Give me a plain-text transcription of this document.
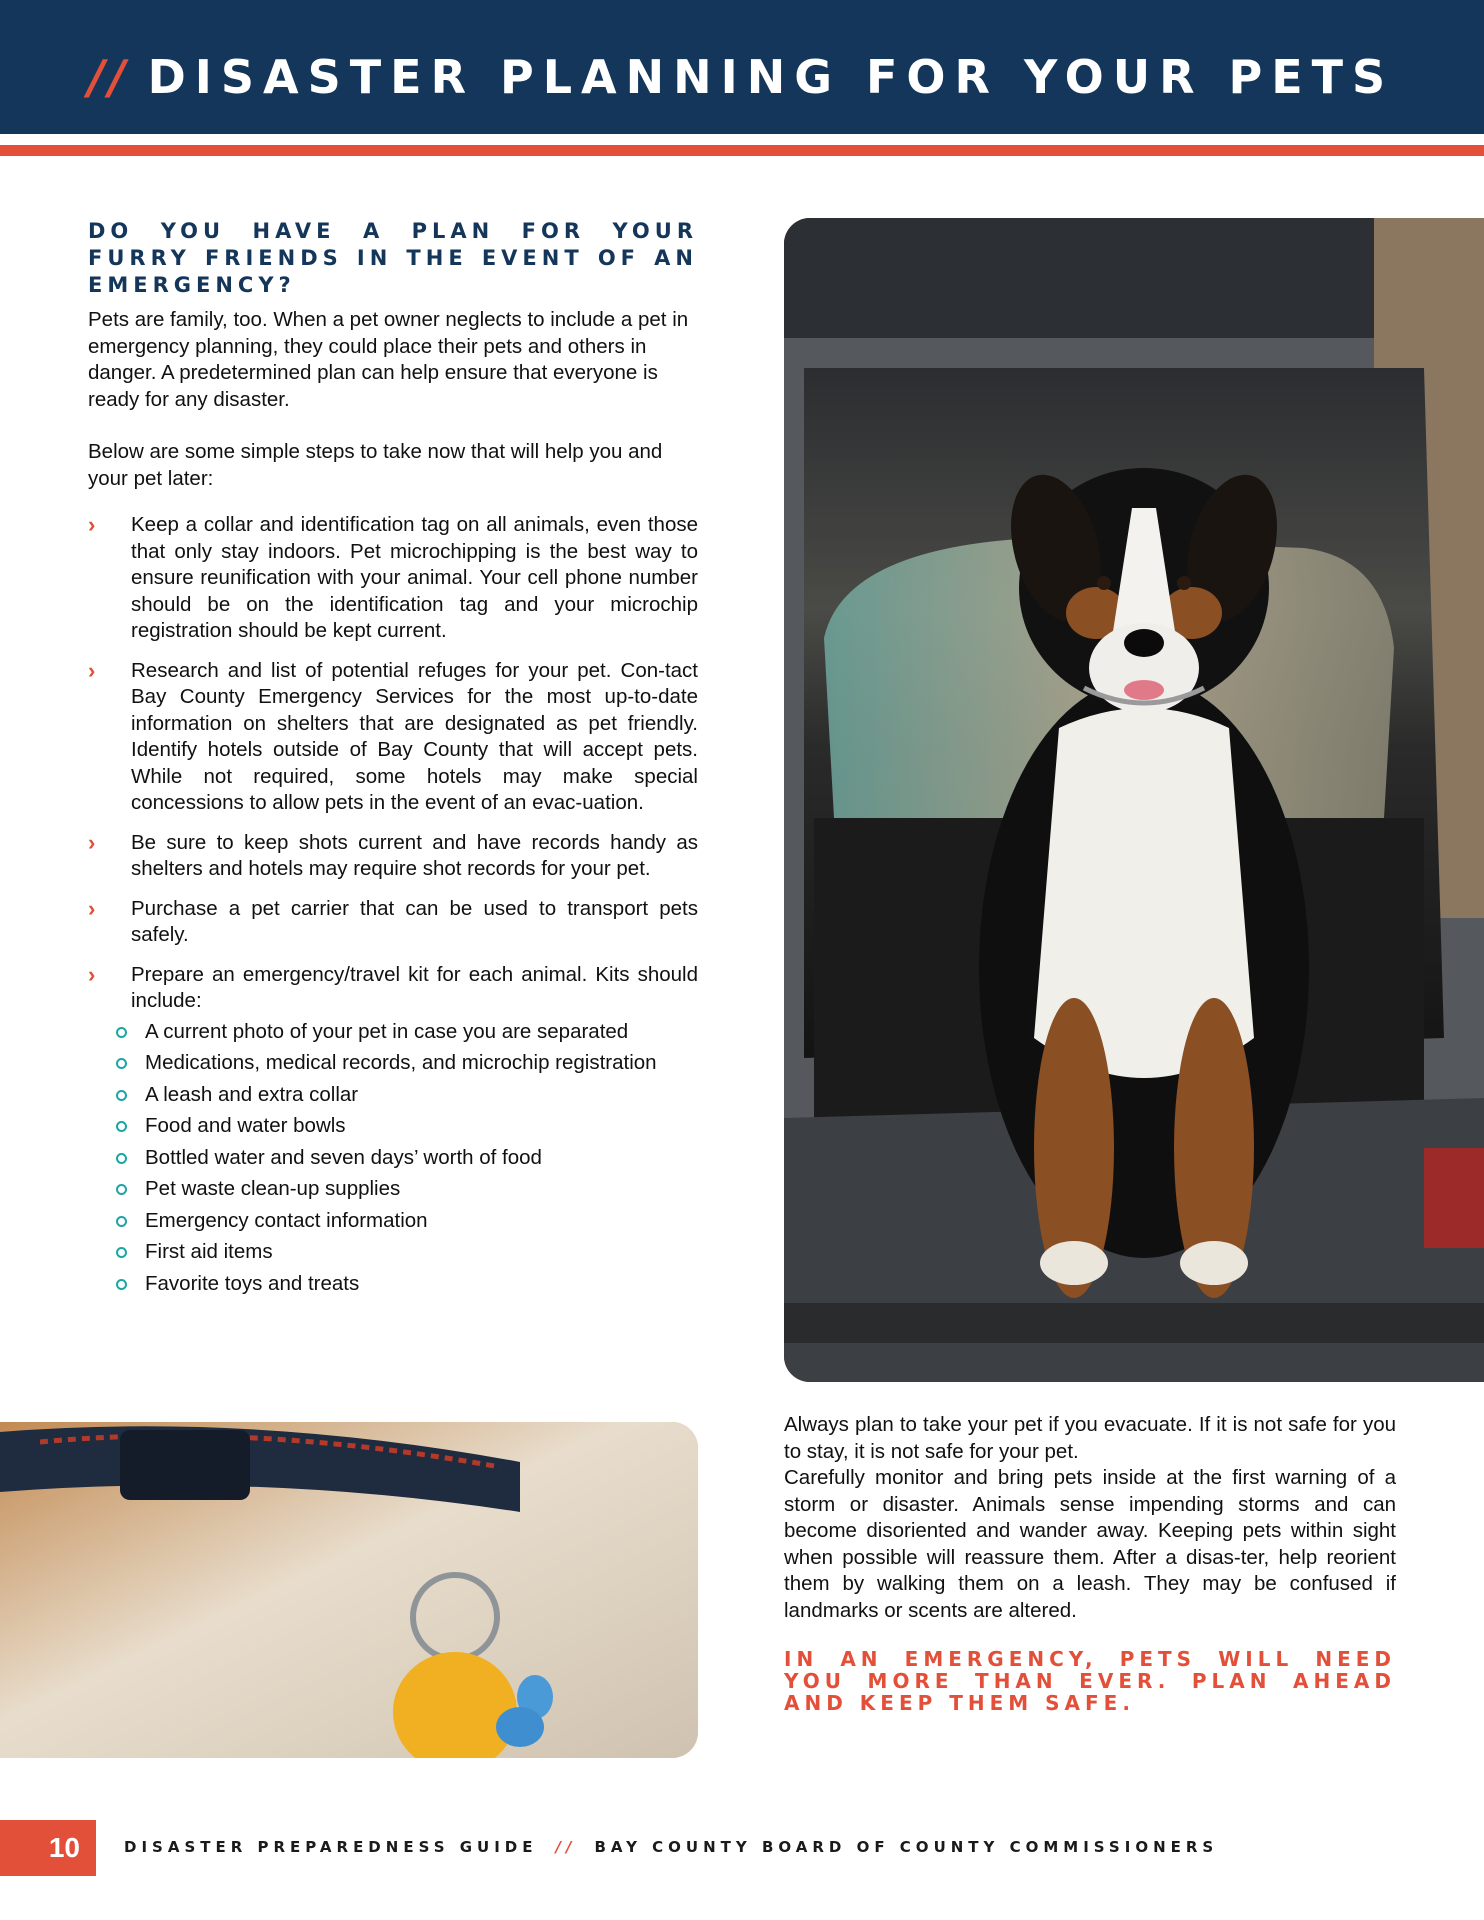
// DISASTER PLANNING FOR YOUR PETS
DO YOU HAVE A PLAN FOR YOUR FURRY FRIENDS IN THE EVENT OF AN EMERGENCY?

Pets are family, too. When a pet owner neglects to include a pet in emergency planning, they could place their pets and others in danger. A predetermined plan can help ensure that everyone is ready for any disaster.

Below are some simple steps to take now that will help you and your pet later:

› Keep a collar and identification tag on all animals, even those that only stay indoors. Pet microchipping is the best way to ensure reunification with your animal. Your cell phone number should be on the identification tag and your microchip registration should be kept current.
› Research and list of potential refuges for your pet. Con-tact Bay County Emergency Services for the most up-to-date information on shelters that are designated as pet friendly. Identify hotels outside of Bay County that will accept pets. While not required, some hotels may make special concessions to allow pets in the event of an evac-uation.
› Be sure to keep shots current and have records handy as shelters and hotels may require shot records for your pet.
› Purchase a pet carrier that can be used to transport pets safely.
› Prepare an emergency/travel kit for each animal. Kits should include:
A current photo of your pet in case you are separated
Medications, medical records, and microchip registration
A leash and extra collar
Food and water bowls
Bottled water and seven days’ worth of food
Pet waste clean-up supplies
Emergency contact information
First aid items
Favorite toys and treats

Always plan to take your pet if you evacuate. If it is not safe for you to stay, it is not safe for your pet.

Carefully monitor and bring pets inside at the first warning of a storm or disaster. Animals sense impending storms and can become disoriented and wander away. Keeping pets within sight when possible will reassure them. After a disas-ter, help reorient them by walking them on a leash. They may be confused if landmarks or scents are altered.

IN AN EMERGENCY, PETS WILL NEED YOU MORE THAN EVER. PLAN AHEAD AND KEEP THEM SAFE.

10	DISASTER PREPAREDNESS GUIDE // BAY COUNTY BOARD OF COUNTY COMMISSIONERS
